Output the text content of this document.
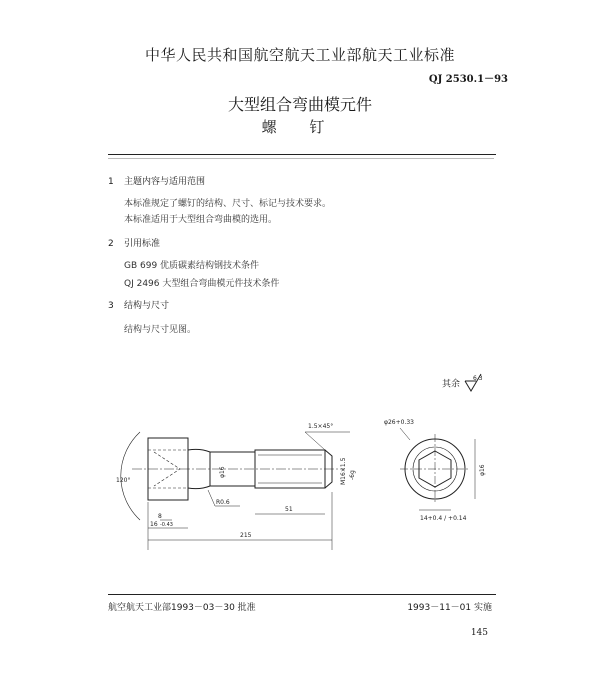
中华人民共和国航空航天工业部航天工业标准
QJ 2530.1－93
大型组合弯曲模元件
螺 钉
1 主题内容与适用范围
本标准规定了螺钉的结构、尺寸、标记与技术要求。
本标准适用于大型组合弯曲模的选用。
2 引用标准
GB 699 优质碳素结构钢技术条件
QJ 2496 大型组合弯曲模元件技术条件
3 结构与尺寸
结构与尺寸见图。
其余
6.3
1.5×45°
M16×1.5 -6g
φ16
120°
R0.6
16 -0.43
215
51
8
φ26+0.33
φ16
14+0.4 / +0.14
航空航天工业部1993－03－30 批准	1993－11－01 实施
145
